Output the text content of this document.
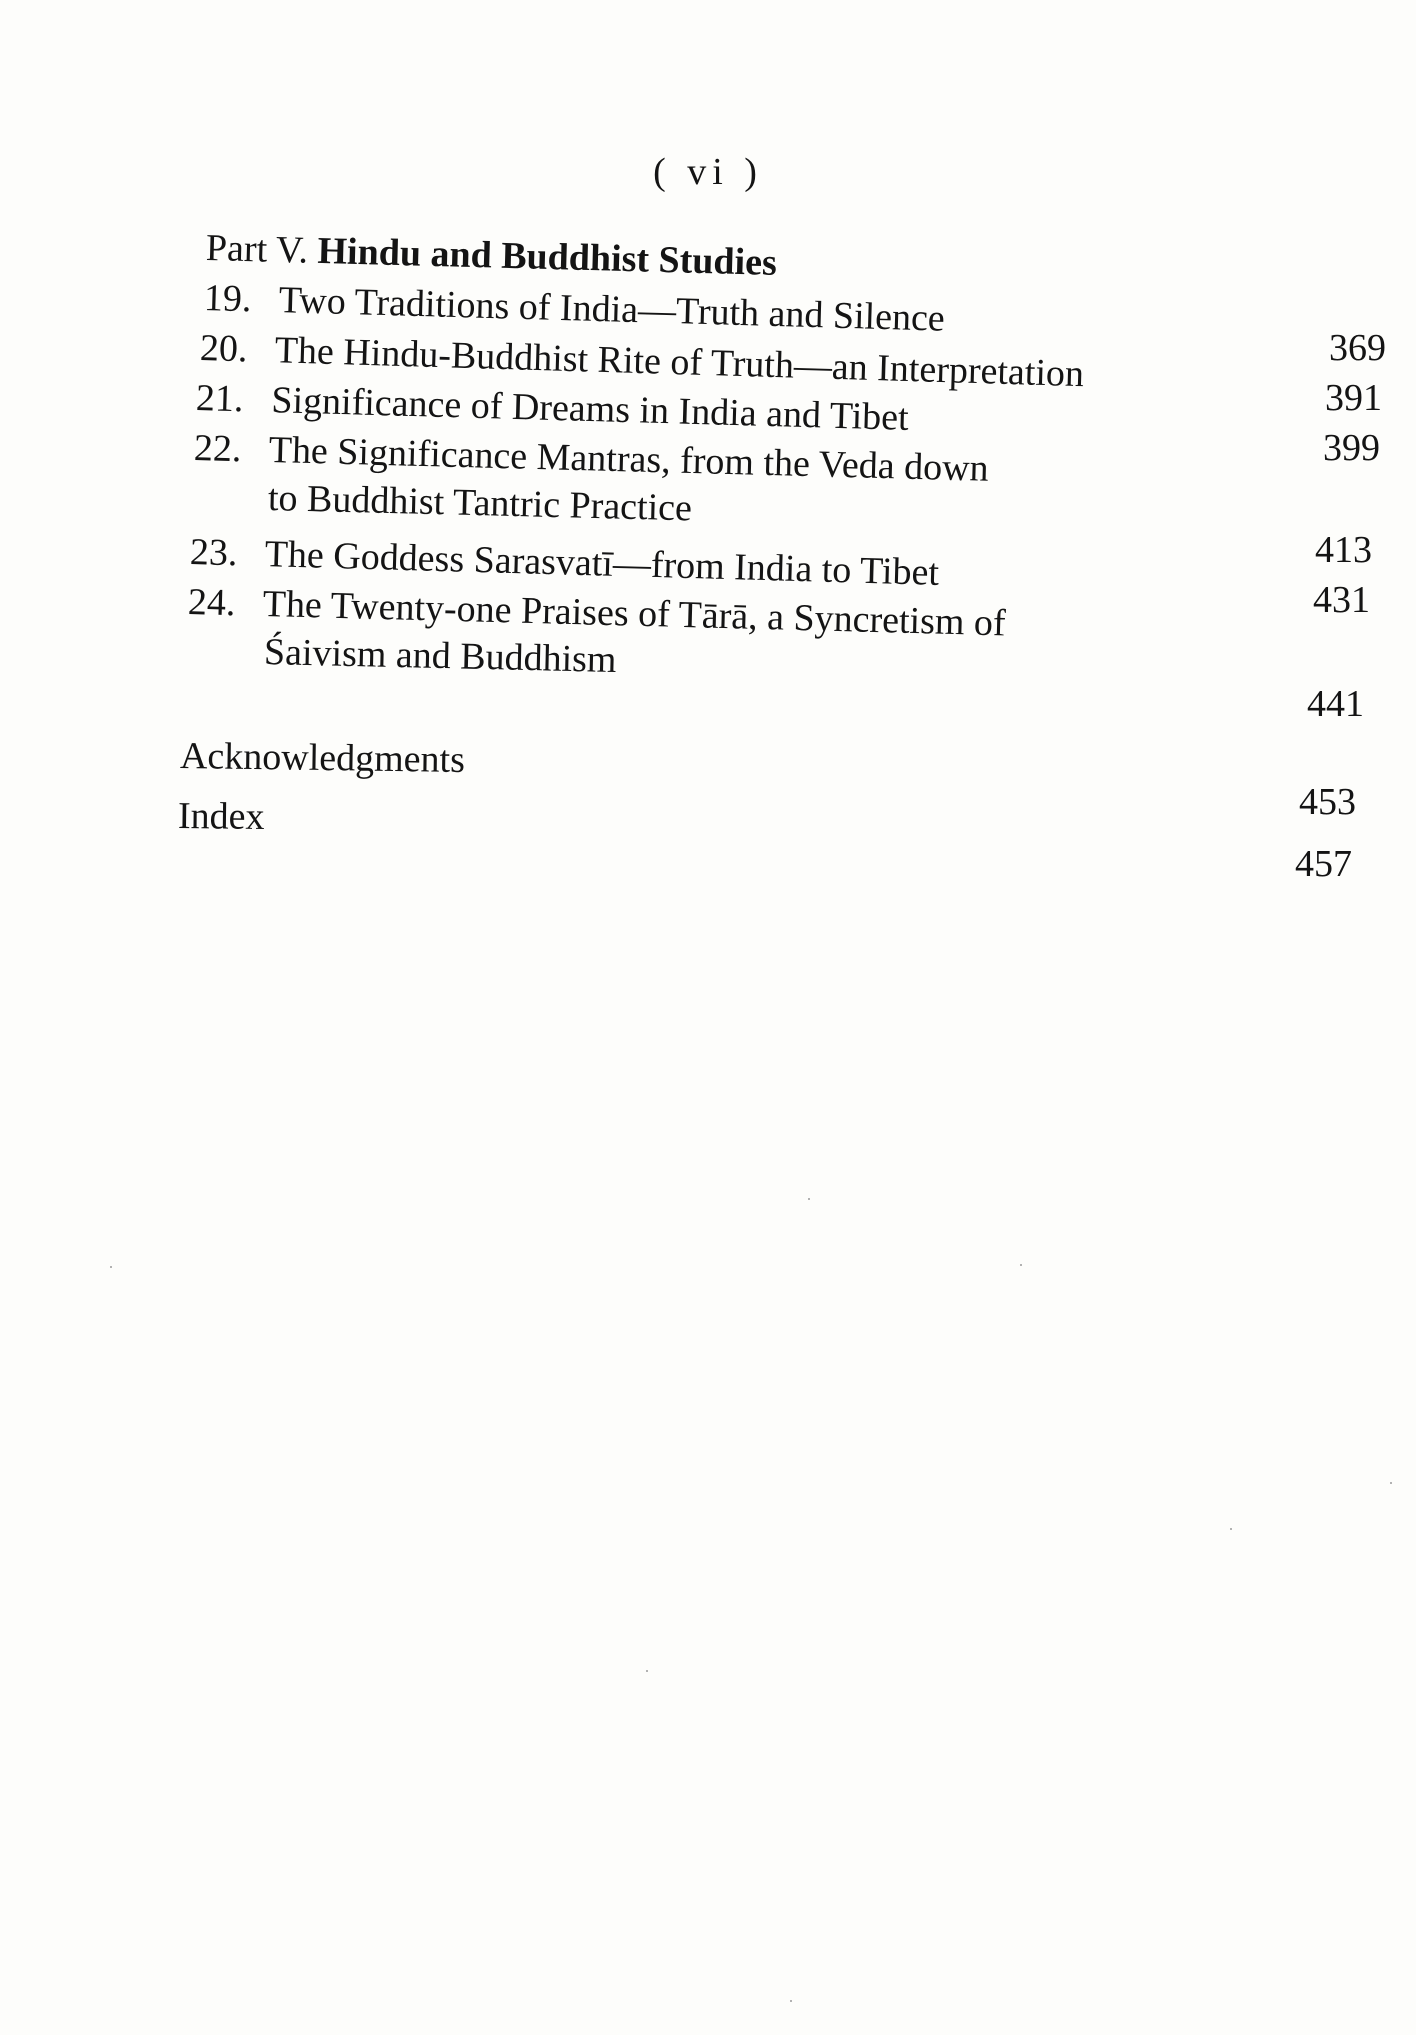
( vi )
Part V. Hindu and Buddhist Studies
19. Two Traditions of India—Truth and Silence
20. The Hindu-Buddhist Rite of Truth—an Interpretation
21. Significance of Dreams in India and Tibet
22. The Significance Mantras, from the Veda down
to Buddhist Tantric Practice
23. The Goddess Sarasvatī—from India to Tibet
24. The Twenty-one Praises of Tārā, a Syncretism of
Śaivism and Buddhism
Acknowledgments
Index
369
391
399
413
431
441
453
457
